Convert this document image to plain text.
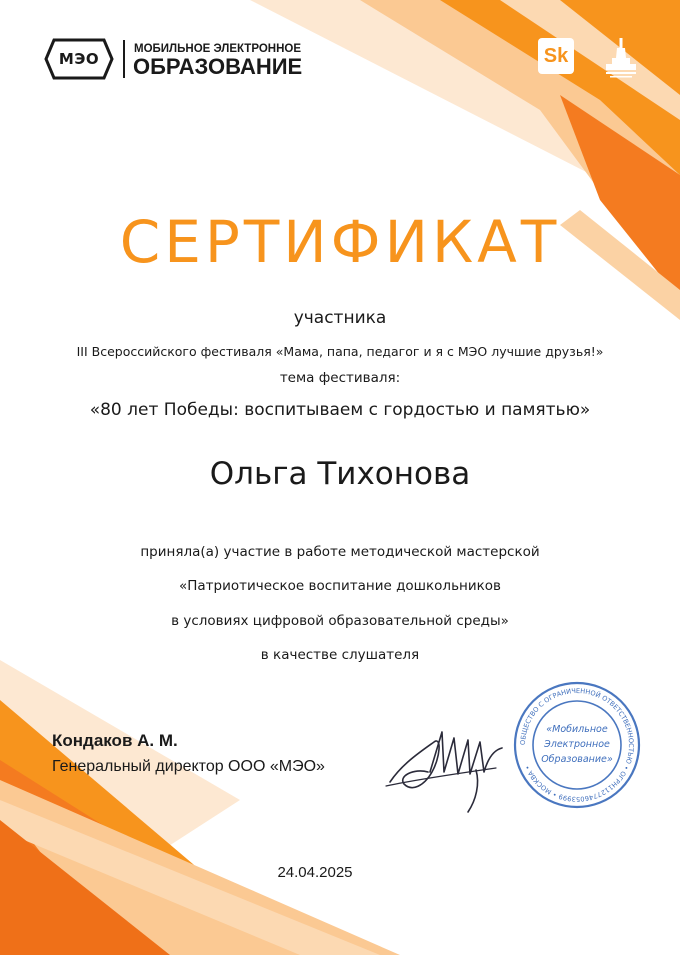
МЭО
МОБИЛЬНОЕ ЭЛЕКТРОННОЕ
ОБРАЗОВАНИЕ	Sk
СЕРТИФИКАТ
участника
III Всероссийского фестиваля «Мама, папа, педагог и я с МЭО лучшие друзья!»
тема фестиваля:
«80 лет Победы: воспитываем с гордостью и памятью»
Ольга Тихонова
приняла(а) участие в работе методической мастерской
«Патриотическое воспитание дошкольников
в условиях цифровой образовательной среды»
в качестве слушателя
Кондаков А. М.
Генеральный директор ООО «МЭО»
ОБЩЕСТВО С ОГРАНИЧЕННОЙ ОТВЕТСТВЕННОСТЬЮ • ОГРН1127746053999 • МОСКВА •
«Мобильное
Электронное
Образование»
24.04.2025
